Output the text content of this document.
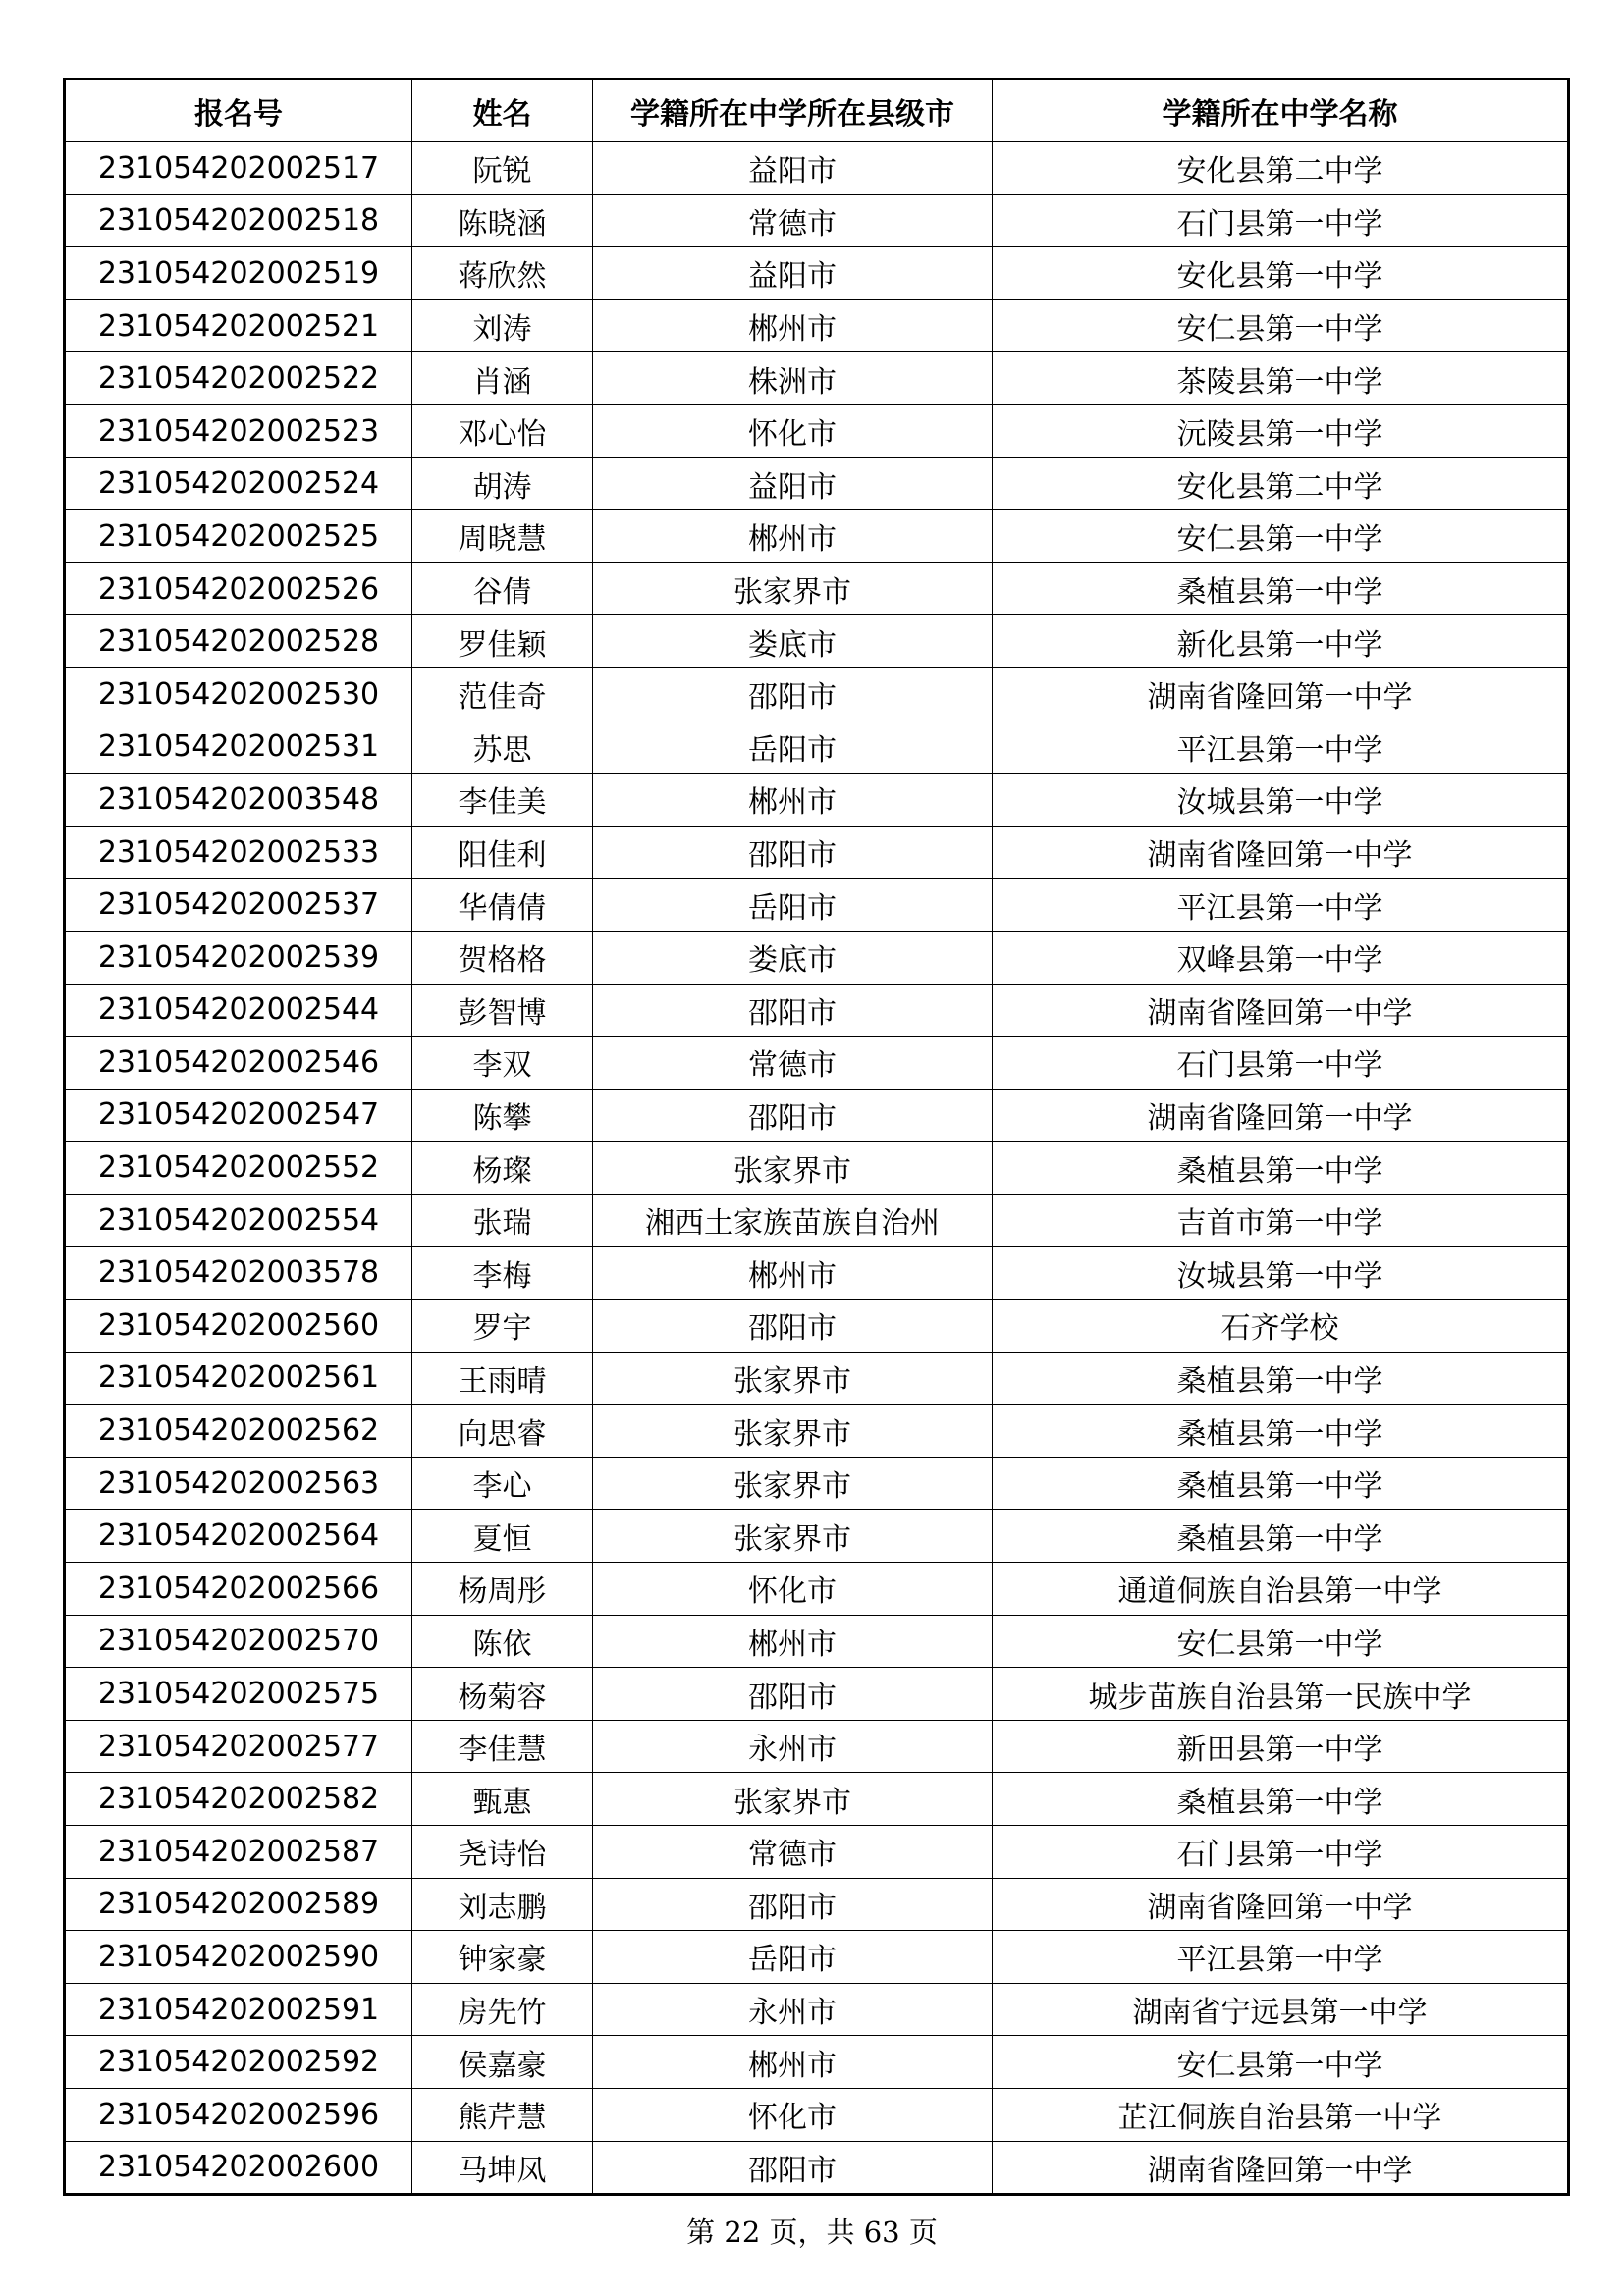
报名号	姓名	学籍所在中学所在县级市	学籍所在中学名称
231054202002517	阮锐	益阳市	安化县第二中学
231054202002518	陈晓涵	常德市	石门县第一中学
231054202002519	蒋欣然	益阳市	安化县第一中学
231054202002521	刘涛	郴州市	安仁县第一中学
231054202002522	肖涵	株洲市	茶陵县第一中学
231054202002523	邓心怡	怀化市	沅陵县第一中学
231054202002524	胡涛	益阳市	安化县第二中学
231054202002525	周晓慧	郴州市	安仁县第一中学
231054202002526	谷倩	张家界市	桑植县第一中学
231054202002528	罗佳颖	娄底市	新化县第一中学
231054202002530	范佳奇	邵阳市	湖南省隆回第一中学
231054202002531	苏思	岳阳市	平江县第一中学
231054202003548	李佳美	郴州市	汝城县第一中学
231054202002533	阳佳利	邵阳市	湖南省隆回第一中学
231054202002537	华倩倩	岳阳市	平江县第一中学
231054202002539	贺格格	娄底市	双峰县第一中学
231054202002544	彭智博	邵阳市	湖南省隆回第一中学
231054202002546	李双	常德市	石门县第一中学
231054202002547	陈攀	邵阳市	湖南省隆回第一中学
231054202002552	杨璨	张家界市	桑植县第一中学
231054202002554	张瑞	湘西土家族苗族自治州	吉首市第一中学
231054202003578	李梅	郴州市	汝城县第一中学
231054202002560	罗宇	邵阳市	石齐学校
231054202002561	王雨晴	张家界市	桑植县第一中学
231054202002562	向思睿	张家界市	桑植县第一中学
231054202002563	李心	张家界市	桑植县第一中学
231054202002564	夏恒	张家界市	桑植县第一中学
231054202002566	杨周彤	怀化市	通道侗族自治县第一中学
231054202002570	陈依	郴州市	安仁县第一中学
231054202002575	杨菊容	邵阳市	城步苗族自治县第一民族中学
231054202002577	李佳慧	永州市	新田县第一中学
231054202002582	甄惠	张家界市	桑植县第一中学
231054202002587	尧诗怡	常德市	石门县第一中学
231054202002589	刘志鹏	邵阳市	湖南省隆回第一中学
231054202002590	钟家豪	岳阳市	平江县第一中学
231054202002591	房先竹	永州市	湖南省宁远县第一中学
231054202002592	侯嘉豪	郴州市	安仁县第一中学
231054202002596	熊芹慧	怀化市	芷江侗族自治县第一中学
231054202002600	马坤凤	邵阳市	湖南省隆回第一中学
第 22 页，共 63 页
